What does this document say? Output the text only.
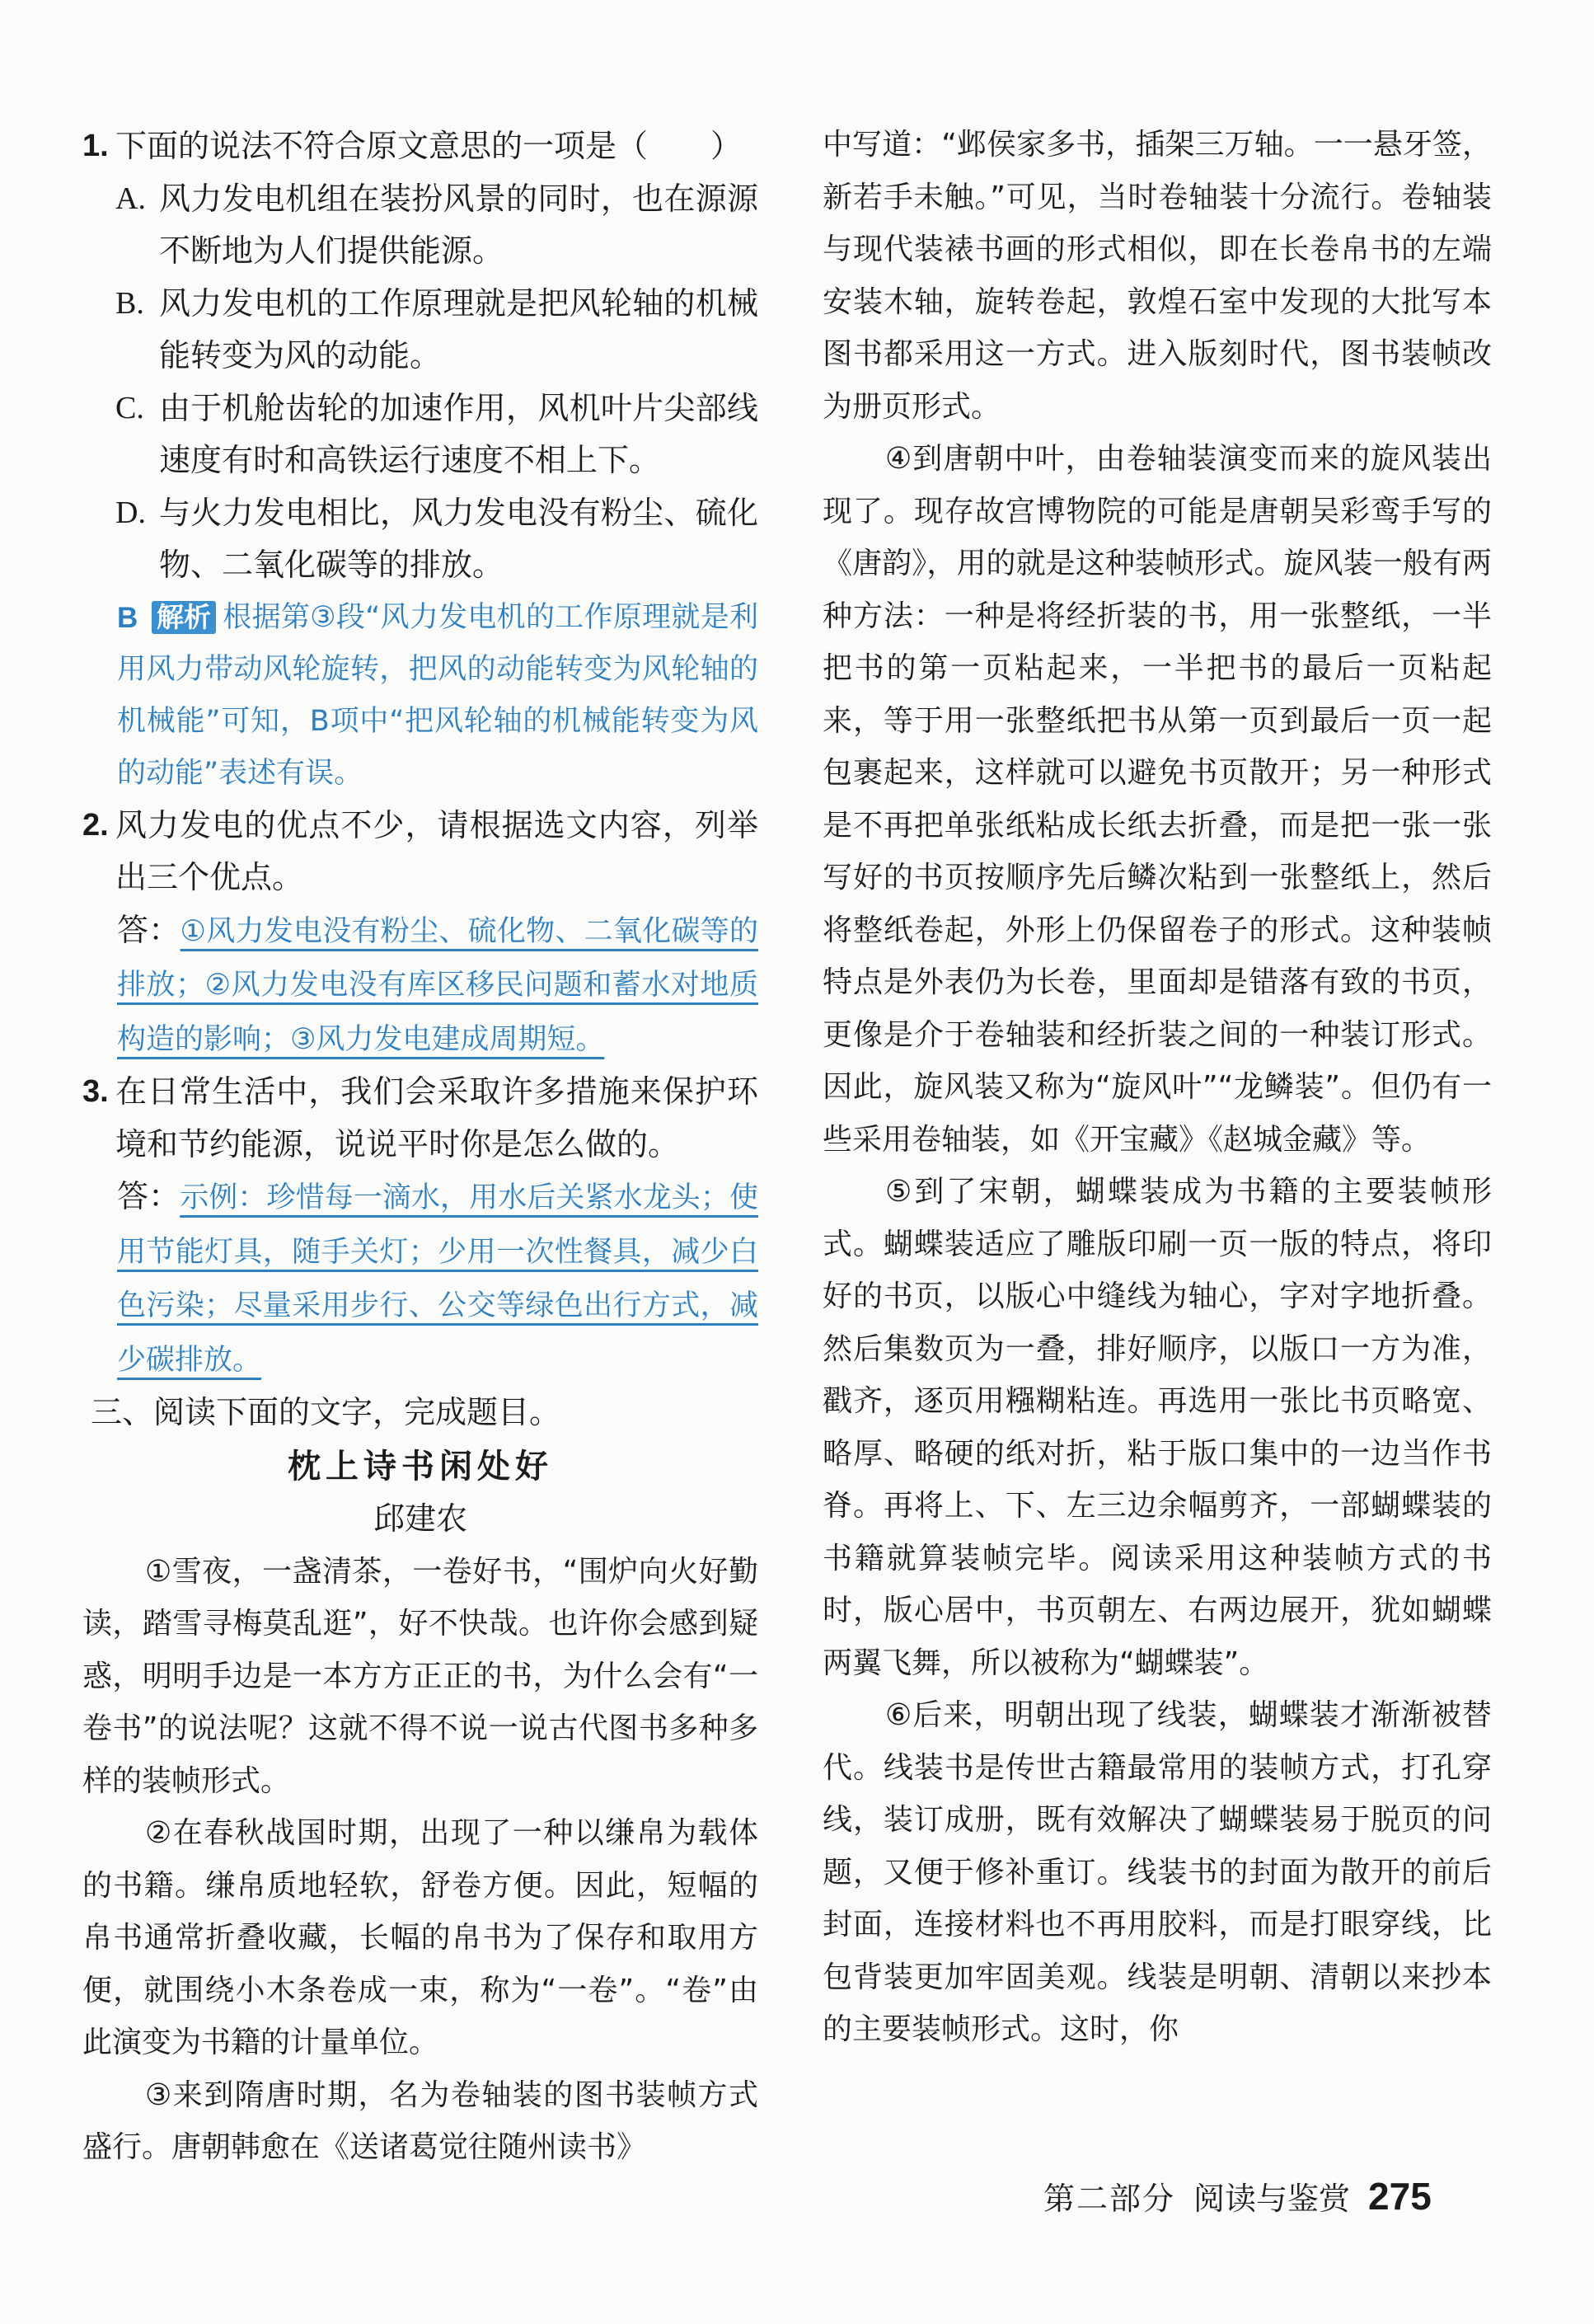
1. 下面的说法不符合原文意思的一项是（　　）
A. 风力发电机组在装扮风景的同时，也在源源不断地为人们提供能源。
B. 风力发电机的工作原理就是把风轮轴的机械能转变为风的动能。
C. 由于机舱齿轮的加速作用，风机叶片尖部线速度有时和高铁运行速度不相上下。
D. 与火力发电相比，风力发电没有粉尘、硫化物、二氧化碳等的排放。
B 解析 根据第③段“风力发电机的工作原理就是利用风力带动风轮旋转，把风的动能转变为风轮轴的机械能”可知，B项中“把风轮轴的机械能转变为风的动能”表述有误。
2. 风力发电的优点不少，请根据选文内容，列举出三个优点。
答：①风力发电没有粉尘、硫化物、二氧化碳等的排放；②风力发电没有库区移民问题和蓄水对地质构造的影响；③风力发电建成周期短。
3. 在日常生活中，我们会采取许多措施来保护环境和节约能源，说说平时你是怎么做的。
答：示例：珍惜每一滴水，用水后关紧水龙头；使用节能灯具，随手关灯；少用一次性餐具，减少白色污染；尽量采用步行、公交等绿色出行方式，减少碳排放。
三、阅读下面的文字，完成题目。
枕上诗书闲处好
邱建农
①雪夜，一盏清茶，一卷好书，“围炉向火好勤读，踏雪寻梅莫乱逛”，好不快哉。也许你会感到疑惑，明明手边是一本方方正正的书，为什么会有“一卷书”的说法呢？这就不得不说一说古代图书多种多样的装帧形式。
②在春秋战国时期，出现了一种以缣帛为载体的书籍。缣帛质地轻软，舒卷方便。因此，短幅的帛书通常折叠收藏，长幅的帛书为了保存和取用方便，就围绕小木条卷成一束，称为“一卷”。“卷”由此演变为书籍的计量单位。
③来到隋唐时期，名为卷轴装的图书装帧方式盛行。唐朝韩愈在《送诸葛觉往随州读书》
中写道：“邺侯家多书，插架三万轴。一一悬牙签，新若手未触。”可见，当时卷轴装十分流行。卷轴装与现代装裱书画的形式相似，即在长卷帛书的左端安装木轴，旋转卷起，敦煌石室中发现的大批写本图书都采用这一方式。进入版刻时代，图书装帧改为册页形式。
④到唐朝中叶，由卷轴装演变而来的旋风装出现了。现存故宫博物院的可能是唐朝吴彩鸾手写的《唐韵》，用的就是这种装帧形式。旋风装一般有两种方法：一种是将经折装的书，用一张整纸，一半把书的第一页粘起来，一半把书的最后一页粘起来，等于用一张整纸把书从第一页到最后一页一起包裹起来，这样就可以避免书页散开；另一种形式是不再把单张纸粘成长纸去折叠，而是把一张一张写好的书页按顺序先后鳞次粘到一张整纸上，然后将整纸卷起，外形上仍保留卷子的形式。这种装帧特点是外表仍为长卷，里面却是错落有致的书页，更像是介于卷轴装和经折装之间的一种装订形式。因此，旋风装又称为“旋风叶”“龙鳞装”。但仍有一些采用卷轴装，如《开宝藏》《赵城金藏》等。
⑤到了宋朝，蝴蝶装成为书籍的主要装帧形式。蝴蝶装适应了雕版印刷一页一版的特点，将印好的书页，以版心中缝线为轴心，字对字地折叠。然后集数页为一叠，排好顺序，以版口一方为准，戳齐，逐页用糨糊粘连。再选用一张比书页略宽、略厚、略硬的纸对折，粘于版口集中的一边当作书脊。再将上、下、左三边余幅剪齐，一部蝴蝶装的书籍就算装帧完毕。阅读采用这种装帧方式的书时，版心居中，书页朝左、右两边展开，犹如蝴蝶两翼飞舞，所以被称为“蝴蝶装”。
⑥后来，明朝出现了线装，蝴蝶装才渐渐被替代。线装书是传世古籍最常用的装帧方式，打孔穿线，装订成册，既有效解决了蝴蝶装易于脱页的问题，又便于修补重订。线装书的封面为散开的前后封面，连接材料也不再用胶料，而是打眼穿线，比包背装更加牢固美观。线装是明朝、清朝以来抄本的主要装帧形式。这时，你
第二部分 阅读与鉴赏 275
